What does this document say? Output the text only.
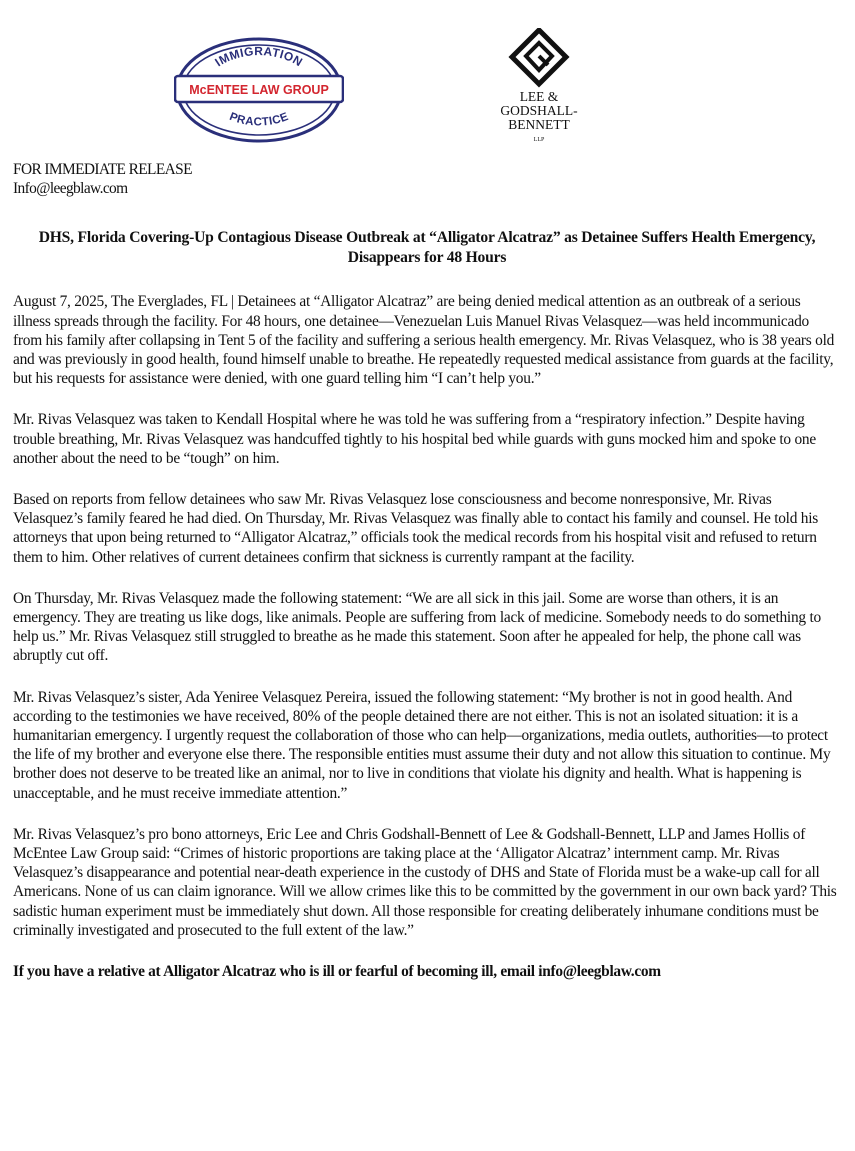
IMMIGRATION
McENTEE LAW GROUP
PRACTICE
LEE &
GODSHALL-
BENNETT
LLP

FOR IMMEDIATE RELEASE

Info@leegblaw.com

DHS, Florida Covering-Up Contagious Disease Outbreak at “Alligator Alcatraz” as Detainee Suffers Health Emergency, Disappears for 48 Hours

August 7, 2025, The Everglades, FL | Detainees at “Alligator Alcatraz” are being denied medical attention as an outbreak of a serious illness spreads through the facility. For 48 hours, one detainee—Venezuelan Luis Manuel Rivas Velasquez—was held incommunicado from his family after collapsing in Tent 5 of the facility and suffering a serious health emergency. Mr. Rivas Velasquez, who is 38 years old and was previously in good health, found himself unable to breathe. He repeatedly requested medical assistance from guards at the facility, but his requests for assistance were denied, with one guard telling him “I can’t help you.”

Mr. Rivas Velasquez was taken to Kendall Hospital where he was told he was suffering from a “respiratory infection.” Despite having trouble breathing, Mr. Rivas Velasquez was handcuffed tightly to his hospital bed while guards with guns mocked him and spoke to one another about the need to be “tough” on him.

Based on reports from fellow detainees who saw Mr. Rivas Velasquez lose consciousness and become nonresponsive, Mr. Rivas Velasquez’s family feared he had died. On Thursday, Mr. Rivas Velasquez was finally able to contact his family and counsel. He told his attorneys that upon being returned to “Alligator Alcatraz,” officials took the medical records from his hospital visit and refused to return them to him. Other relatives of current detainees confirm that sickness is currently rampant at the facility.

On Thursday, Mr. Rivas Velasquez made the following statement: “We are all sick in this jail. Some are worse than others, it is an emergency. They are treating us like dogs, like animals. People are suffering from lack of medicine. Somebody needs to do something to help us.” Mr. Rivas Velasquez still struggled to breathe as he made this statement. Soon after he appealed for help, the phone call was abruptly cut off.

Mr. Rivas Velasquez’s sister, Ada Yeniree Velasquez Pereira, issued the following statement: “My brother is not in good health. And according to the testimonies we have received, 80% of the people detained there are not either. This is not an isolated situation: it is a humanitarian emergency. I urgently request the collaboration of those who can help—organizations, media outlets, authorities—to protect the life of my brother and everyone else there. The responsible entities must assume their duty and not allow this situation to continue. My brother does not deserve to be treated like an animal, nor to live in conditions that violate his dignity and health. What is happening is unacceptable, and he must receive immediate attention.”

Mr. Rivas Velasquez’s pro bono attorneys, Eric Lee and Chris Godshall-Bennett of Lee & Godshall-Bennett, LLP and James Hollis of McEntee Law Group said: “Crimes of historic proportions are taking place at the ‘Alligator Alcatraz’ internment camp. Mr. Rivas Velasquez’s disappearance and potential near-death experience in the custody of DHS and State of Florida must be a wake-up call for all Americans. None of us can claim ignorance. Will we allow crimes like this to be committed by the government in our own back yard? This sadistic human experiment must be immediately shut down. All those responsible for creating deliberately inhumane conditions must be criminally investigated and prosecuted to the full extent of the law.”

If you have a relative at Alligator Alcatraz who is ill or fearful of becoming ill, email info@leegblaw.com
